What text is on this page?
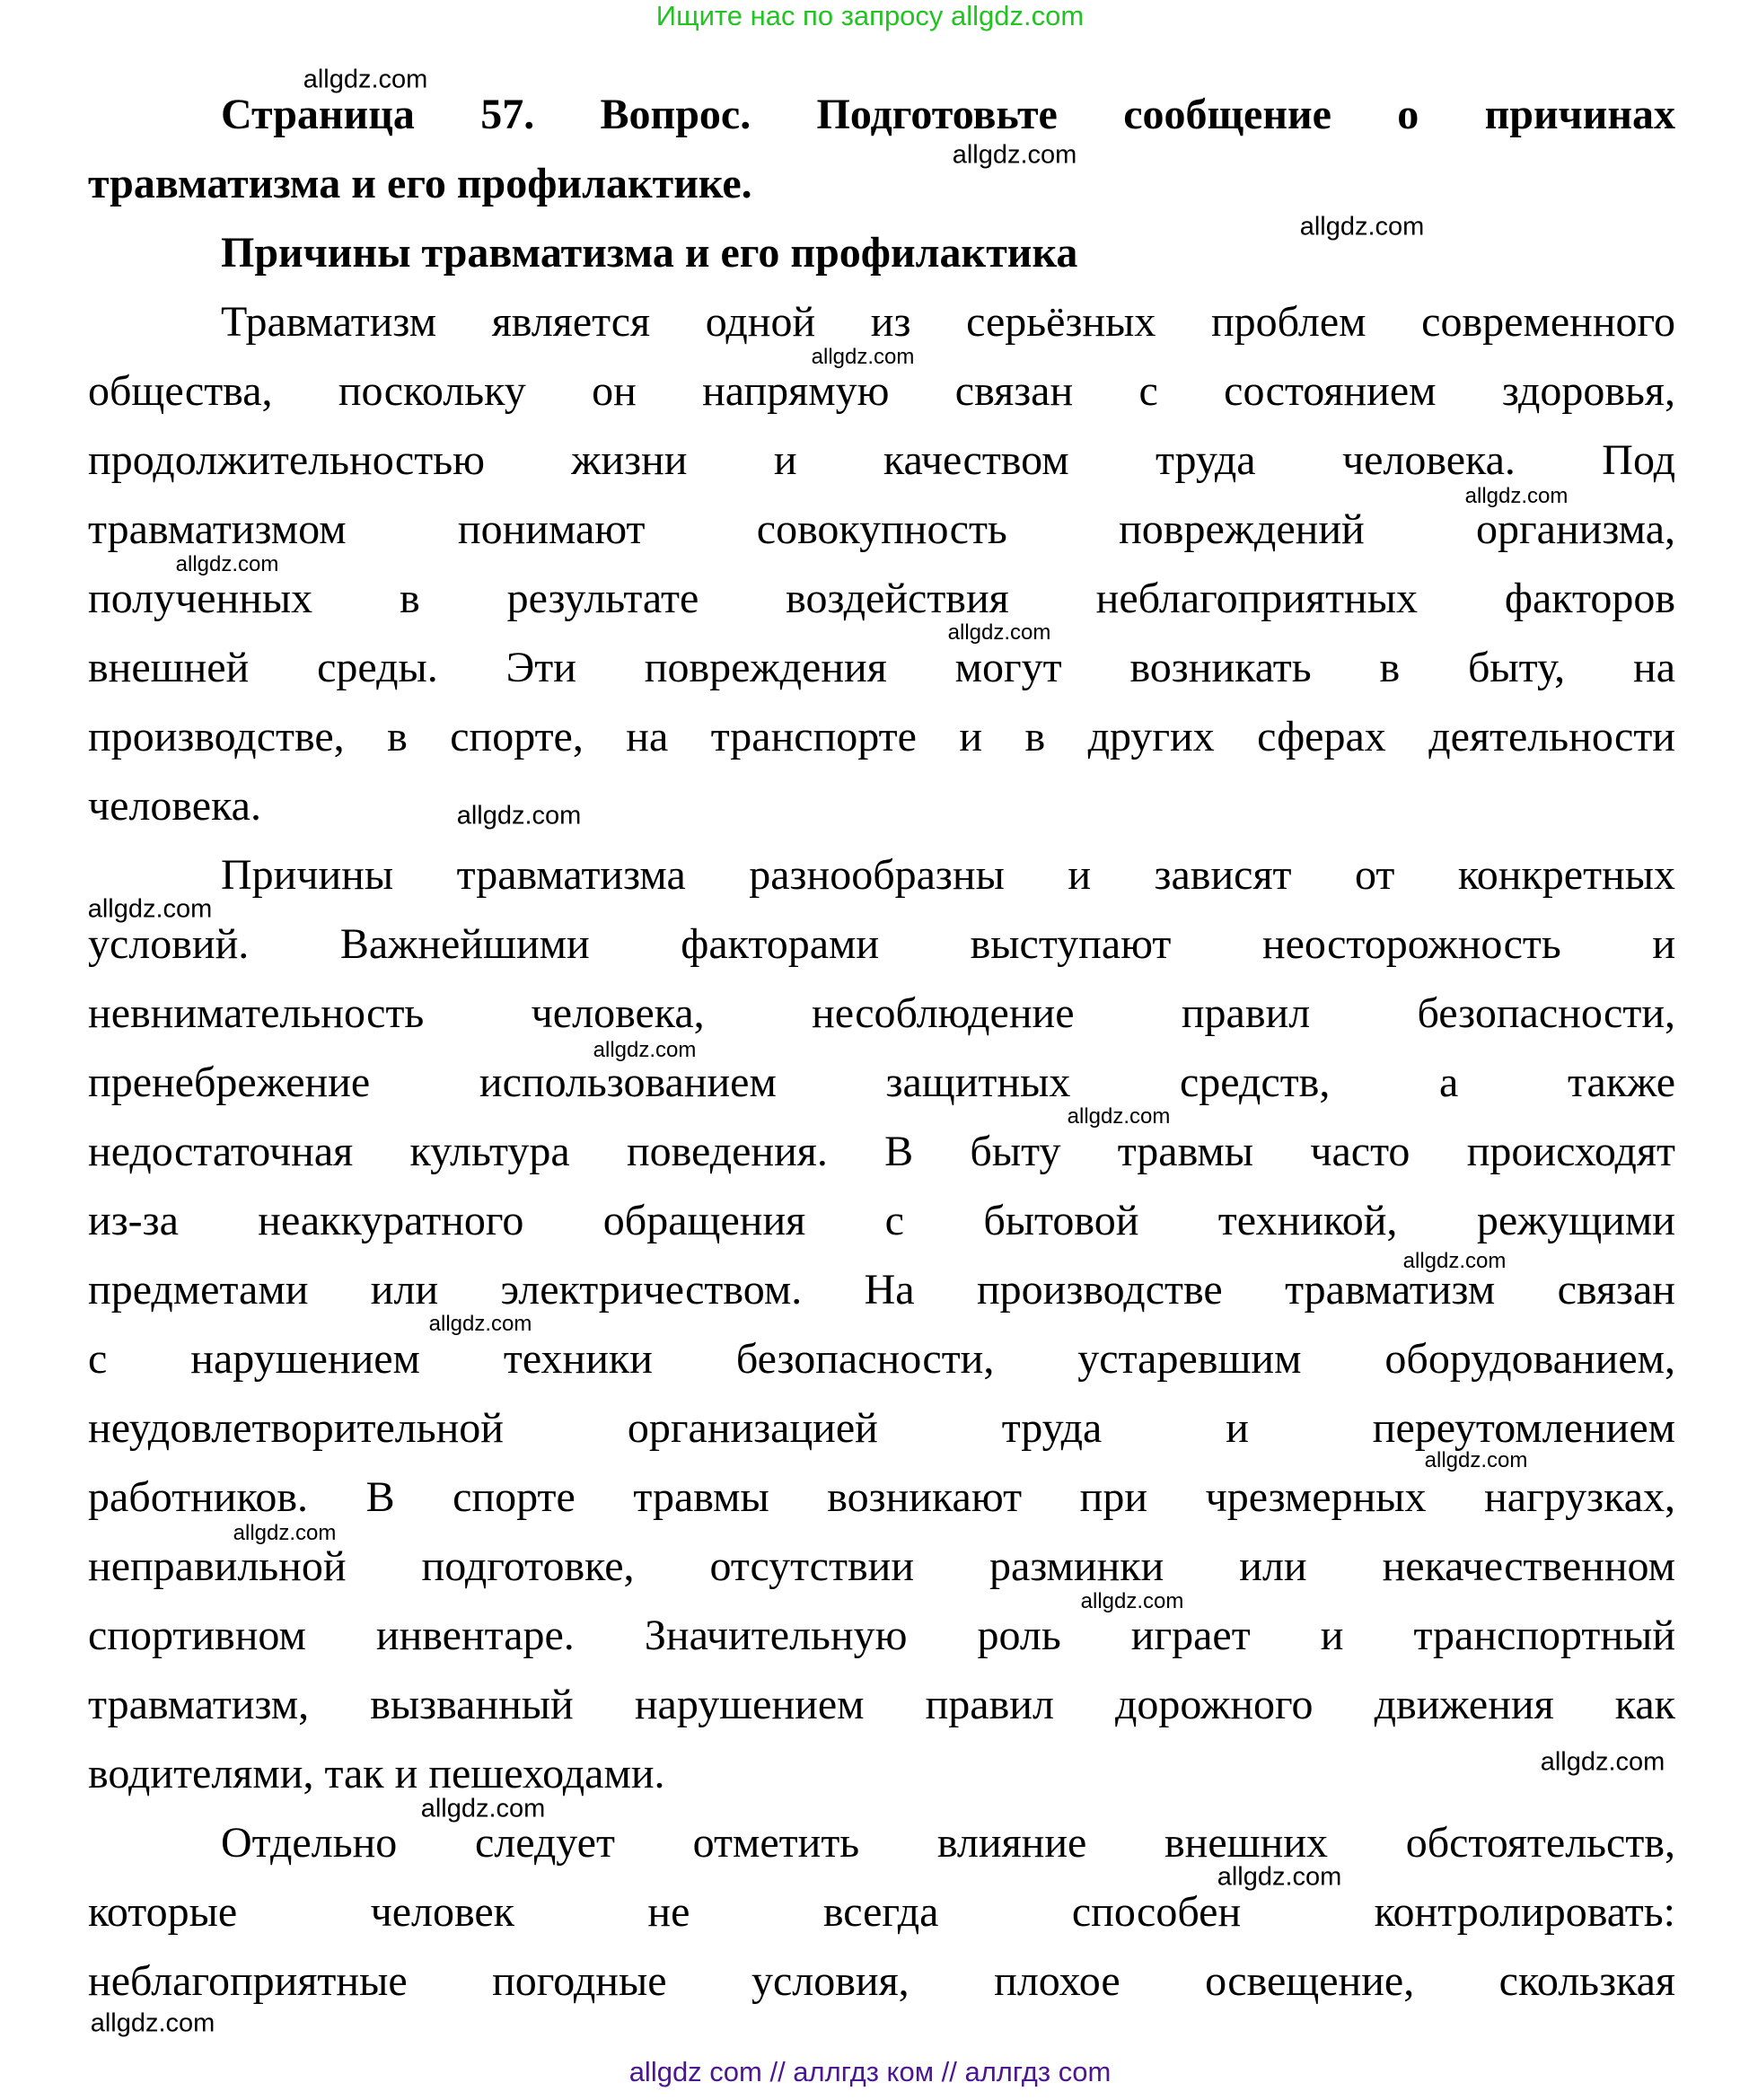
Ищите нас по запросу allgdz.com
Страница 57. Вопрос. Подготовьте сообщение о причинах
травматизма и его профилактике.
Причины травматизма и его профилактика
Травматизм является одной из серьёзных проблем современного
общества, поскольку он напрямую связан с состоянием здоровья,
продолжительностью жизни и качеством труда человека. Под
травматизмом понимают совокупность повреждений организма,
полученных в результате воздействия неблагоприятных факторов
внешней среды. Эти повреждения могут возникать в быту, на
производстве, в спорте, на транспорте и в других сферах деятельности
человека.
Причины травматизма разнообразны и зависят от конкретных
условий. Важнейшими факторами выступают неосторожность и
невнимательность человека, несоблюдение правил безопасности,
пренебрежение использованием защитных средств, а также
недостаточная культура поведения. В быту травмы часто происходят
из-за неаккуратного обращения с бытовой техникой, режущими
предметами или электричеством. На производстве травматизм связан
с нарушением техники безопасности, устаревшим оборудованием,
неудовлетворительной организацией труда и переутомлением
работников. В спорте травмы возникают при чрезмерных нагрузках,
неправильной подготовке, отсутствии разминки или некачественном
спортивном инвентаре. Значительную роль играет и транспортный
травматизм, вызванный нарушением правил дорожного движения как
водителями, так и пешеходами.
Отдельно следует отметить влияние внешних обстоятельств,
которые человек не всегда способен контролировать:
неблагоприятные погодные условия, плохое освещение, скользкая
allgdz.com
allgdz.com
allgdz.com
allgdz.com
allgdz.com
allgdz.com
allgdz.com
allgdz.com
allgdz.com
allgdz.com
allgdz.com
allgdz.com
allgdz.com
allgdz.com
allgdz.com
allgdz.com
allgdz.com
allgdz.com
allgdz.com
allgdz.com
allgdz com // аллгдз ком // аллгдз com
